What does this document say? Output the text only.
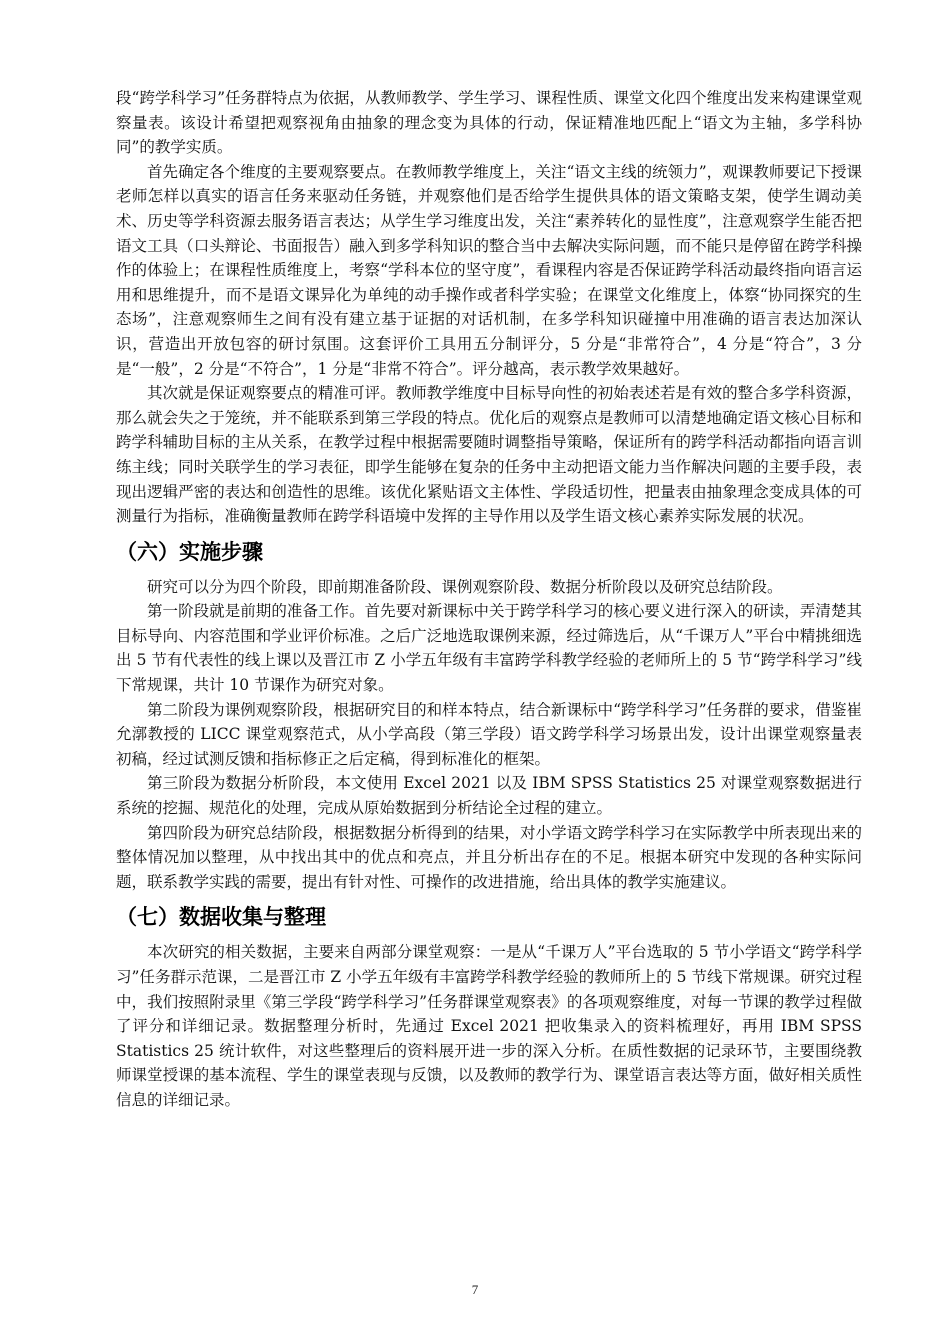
段“跨学科学习”任务群特点为依据，从教师教学、学生学习、课程性质、课堂文化四个维度出发来构建课堂观察量表。该设计希望把观察视角由抽象的理念变为具体的行动，保证精准地匹配上“语文为主轴，多学科协同”的教学实质。

首先确定各个维度的主要观察要点。在教师教学维度上，关注“语文主线的统领力”，观课教师要记下授课老师怎样以真实的语言任务来驱动任务链，并观察他们是否给学生提供具体的语文策略支架，使学生调动美术、历史等学科资源去服务语言表达；从学生学习维度出发，关注“素养转化的显性度”，注意观察学生能否把语文工具（口头辩论、书面报告）融入到多学科知识的整合当中去解决实际问题，而不能只是停留在跨学科操作的体验上；在课程性质维度上，考察“学科本位的坚守度”，看课程内容是否保证跨学科活动最终指向语言运用和思维提升，而不是语文课异化为单纯的动手操作或者科学实验；在课堂文化维度上，体察“协同探究的生态场”，注意观察师生之间有没有建立基于证据的对话机制，在多学科知识碰撞中用准确的语言表达加深认识，营造出开放包容的研讨氛围。这套评价工具用五分制评分，5 分是“非常符合”，4 分是“符合”，3 分是“一般”，2 分是“不符合”，1 分是“非常不符合”。评分越高，表示教学效果越好。

其次就是保证观察要点的精准可评。教师教学维度中目标导向性的初始表述若是有效的整合多学科资源，那么就会失之于笼统，并不能联系到第三学段的特点。优化后的观察点是教师可以清楚地确定语文核心目标和跨学科辅助目标的主从关系，在教学过程中根据需要随时调整指导策略，保证所有的跨学科活动都指向语言训练主线；同时关联学生的学习表征，即学生能够在复杂的任务中主动把语文能力当作解决问题的主要手段，表现出逻辑严密的表达和创造性的思维。该优化紧贴语文主体性、学段适切性，把量表由抽象理念变成具体的可测量行为指标，准确衡量教师在跨学科语境中发挥的主导作用以及学生语文核心素养实际发展的状况。

（六）实施步骤

研究可以分为四个阶段，即前期准备阶段、课例观察阶段、数据分析阶段以及研究总结阶段。

第一阶段就是前期的准备工作。首先要对新课标中关于跨学科学习的核心要义进行深入的研读，弄清楚其目标导向、内容范围和学业评价标准。之后广泛地选取课例来源，经过筛选后，从“千课万人”平台中精挑细选出 5 节有代表性的线上课以及晋江市 Z 小学五年级有丰富跨学科教学经验的老师所上的 5 节“跨学科学习”线下常规课，共计 10 节课作为研究对象。

第二阶段为课例观察阶段，根据研究目的和样本特点，结合新课标中“跨学科学习”任务群的要求，借鉴崔允漷教授的 LICC 课堂观察范式，从小学高段（第三学段）语文跨学科学习场景出发，设计出课堂观察量表初稿，经过试测反馈和指标修正之后定稿，得到标准化的框架。

第三阶段为数据分析阶段，本文使用 Excel 2021 以及 IBM SPSS Statistics 25 对课堂观察数据进行系统的挖掘、规范化的处理，完成从原始数据到分析结论全过程的建立。

第四阶段为研究总结阶段，根据数据分析得到的结果，对小学语文跨学科学习在实际教学中所表现出来的整体情况加以整理，从中找出其中的优点和亮点，并且分析出存在的不足。根据本研究中发现的各种实际问题，联系教学实践的需要，提出有针对性、可操作的改进措施，给出具体的教学实施建议。

（七）数据收集与整理

本次研究的相关数据，主要来自两部分课堂观察：一是从“千课万人”平台选取的 5 节小学语文“跨学科学习”任务群示范课，二是晋江市 Z 小学五年级有丰富跨学科教学经验的教师所上的 5 节线下常规课。研究过程中，我们按照附录里《第三学段“跨学科学习”任务群课堂观察表》的各项观察维度，对每一节课的教学过程做了评分和详细记录。数据整理分析时，先通过 Excel 2021 把收集录入的资料梳理好，再用 IBM SPSS Statistics 25 统计软件，对这些整理后的资料展开进一步的深入分析。在质性数据的记录环节，主要围绕教师课堂授课的基本流程、学生的课堂表现与反馈，以及教师的教学行为、课堂语言表达等方面，做好相关质性信息的详细记录。

7
